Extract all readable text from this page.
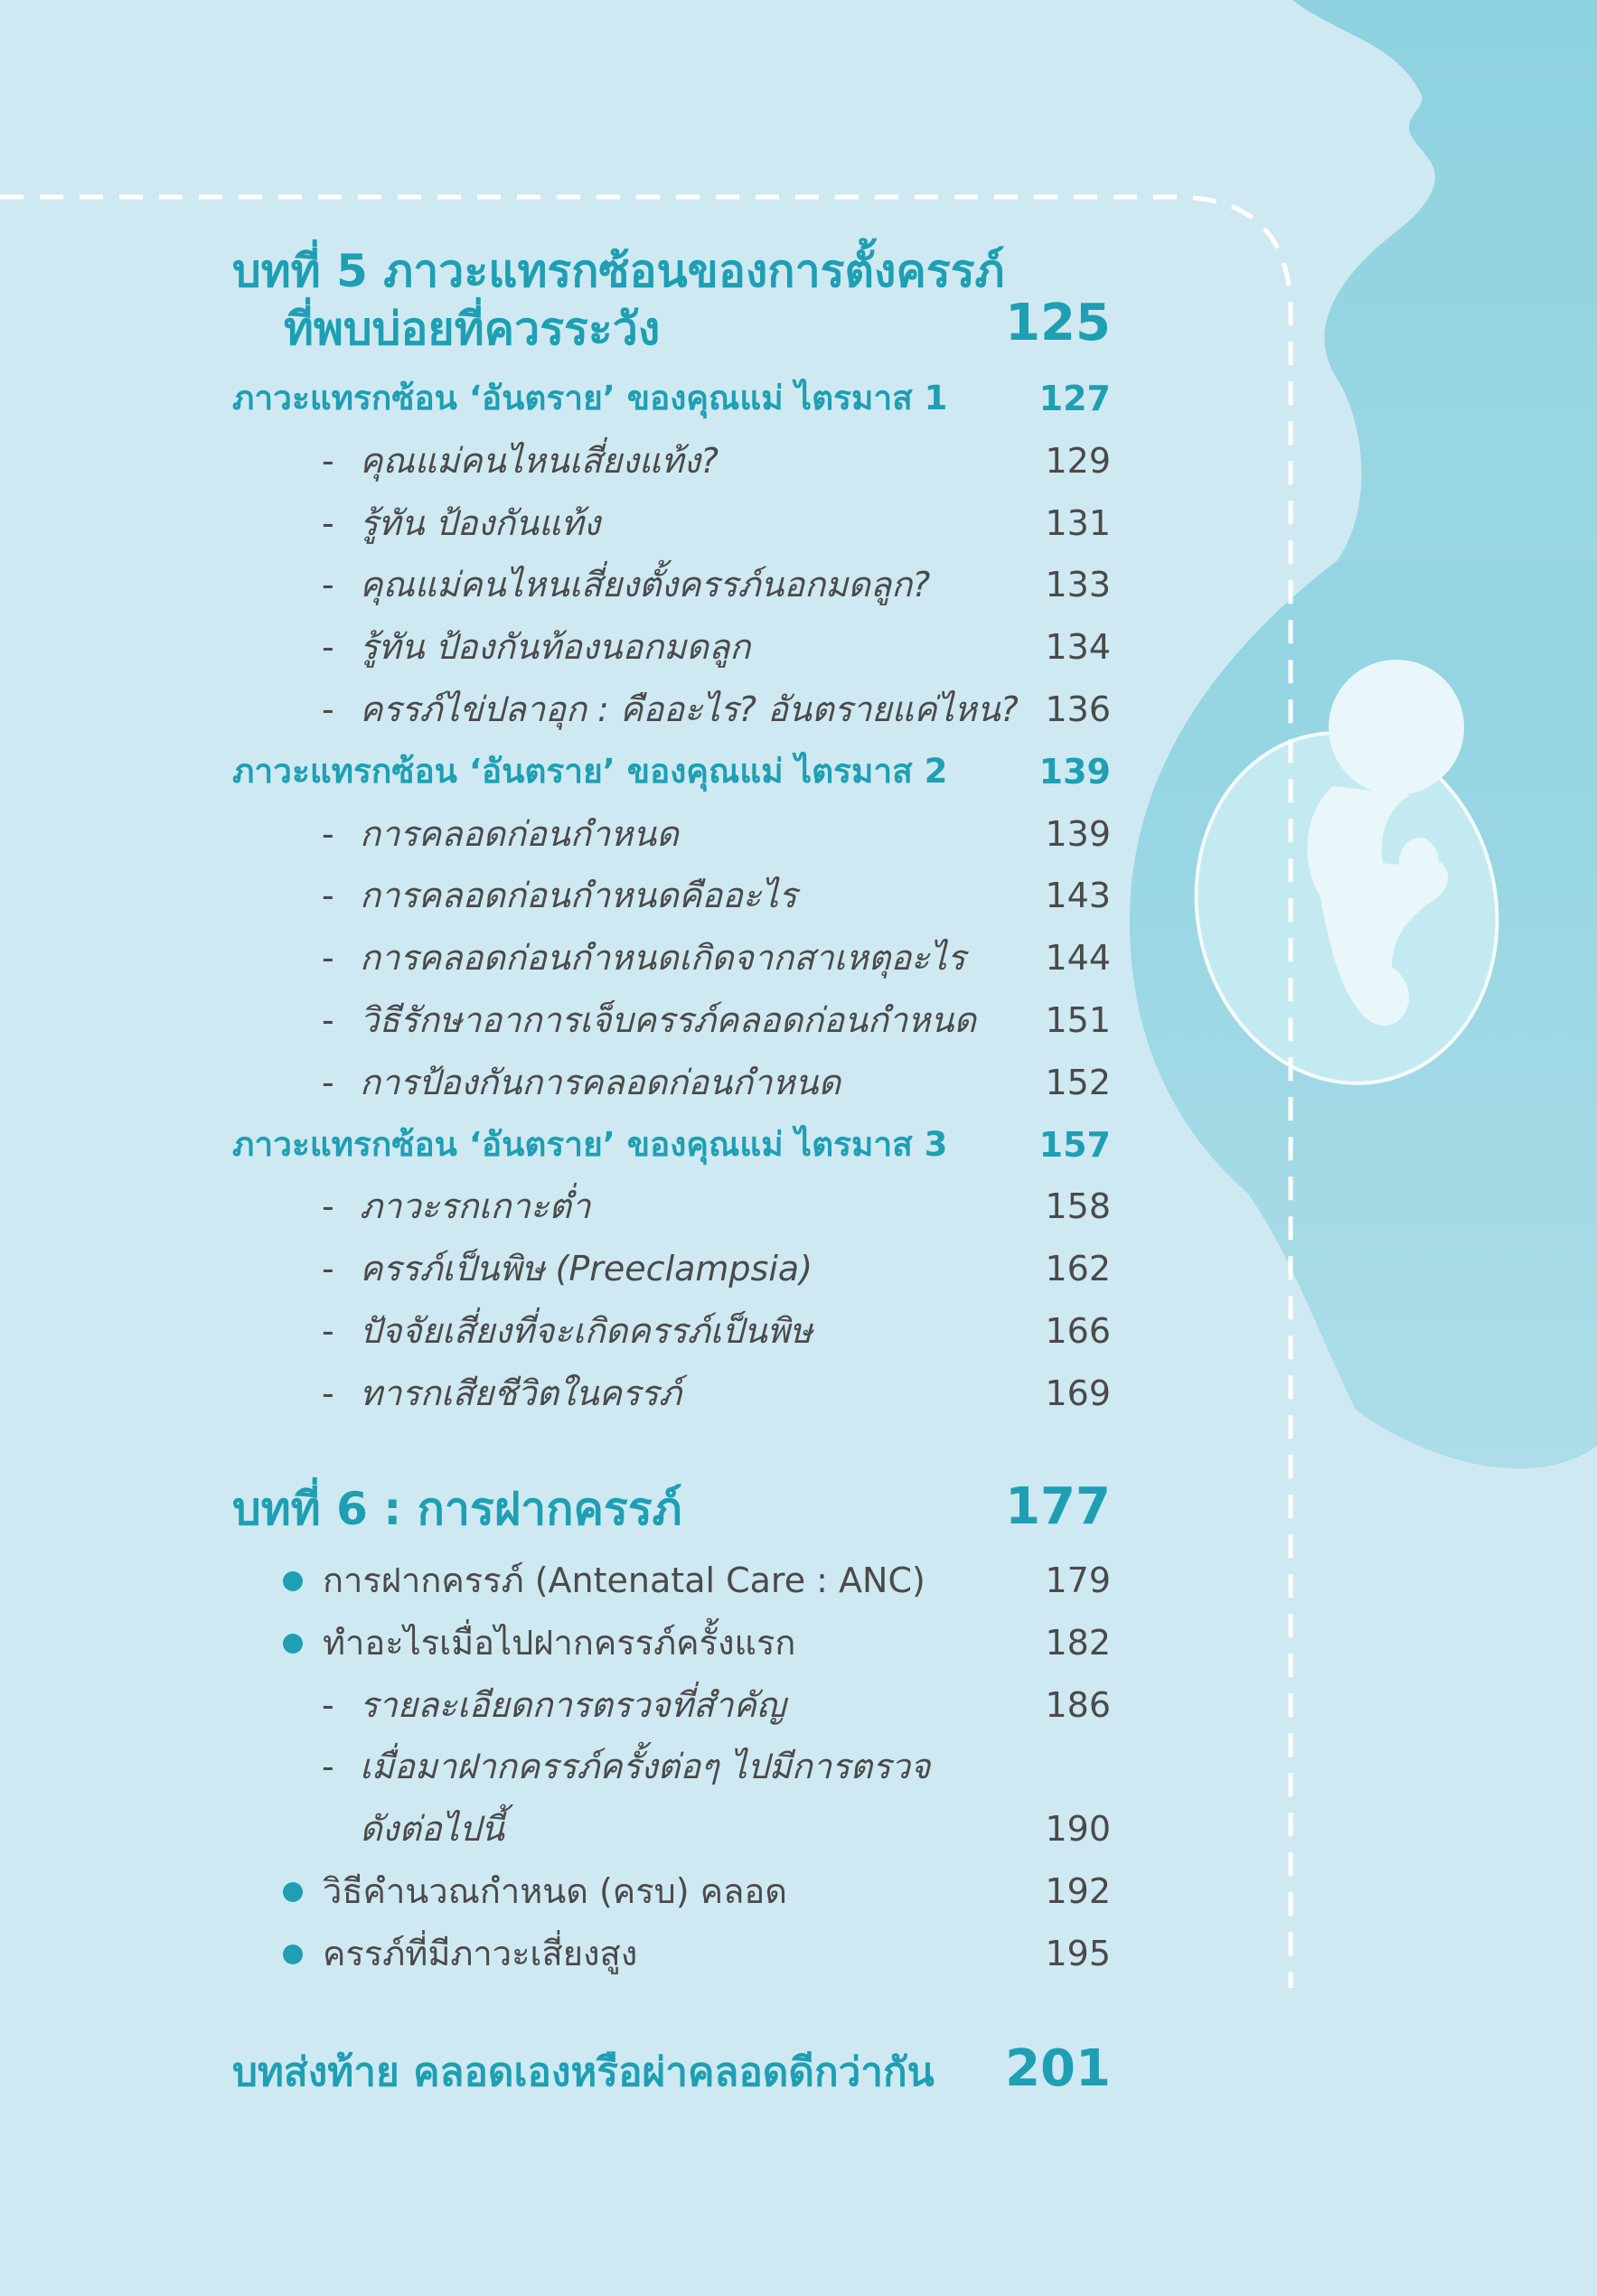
บทที่ 5 ภาวะแทรกซ้อนของการตั้งครรภ์
ที่พบบ่อยที่ควรระวัง	125
ภาวะแทรกซ้อน ‘อันตราย’ ของคุณแม่ ไตรมาส 1	127
- คุณแม่คนไหนเสี่ยงแท้ง?	129
- รู้ทัน ป้องกันแท้ง	131
- คุณแม่คนไหนเสี่ยงตั้งครรภ์นอกมดลูก?	133
- รู้ทัน ป้องกันท้องนอกมดลูก	134
- ครรภ์ไข่ปลาอุก : คืออะไร? อันตรายแค่ไหน? 136
ภาวะแทรกซ้อน ‘อันตราย’ ของคุณแม่ ไตรมาส 2	139
- การคลอดก่อนกำหนด	139
- การคลอดก่อนกำหนดคืออะไร	143
- การคลอดก่อนกำหนดเกิดจากสาเหตุอะไร 144
- วิธีรักษาอาการเจ็บครรภ์คลอดก่อนกำหนด 151
- การป้องกันการคลอดก่อนกำหนด	152
ภาวะแทรกซ้อน ‘อันตราย’ ของคุณแม่ ไตรมาส 3	157
- ภาวะรกเกาะต่ำ	158
- ครรภ์เป็นพิษ (Preeclampsia)	162
- ปัจจัยเสี่ยงที่จะเกิดครรภ์เป็นพิษ	166
- ทารกเสียชีวิตในครรภ์	169
บทที่ 6 : การฝากครรภ์	177
การฝากครรภ์ (Antenatal Care : ANC)	179
ทำอะไรเมื่อไปฝากครรภ์ครั้งแรก	182
- รายละเอียดการตรวจที่สำคัญ	186
- เมื่อมาฝากครรภ์ครั้งต่อๆ ไปมีการตรวจ
ดังต่อไปนี้	190
วิธีคำนวณกำหนด (ครบ) คลอด	192
ครรภ์ที่มีภาวะเสี่ยงสูง	195
บทส่งท้าย คลอดเองหรือผ่าคลอดดีกว่ากัน 201
